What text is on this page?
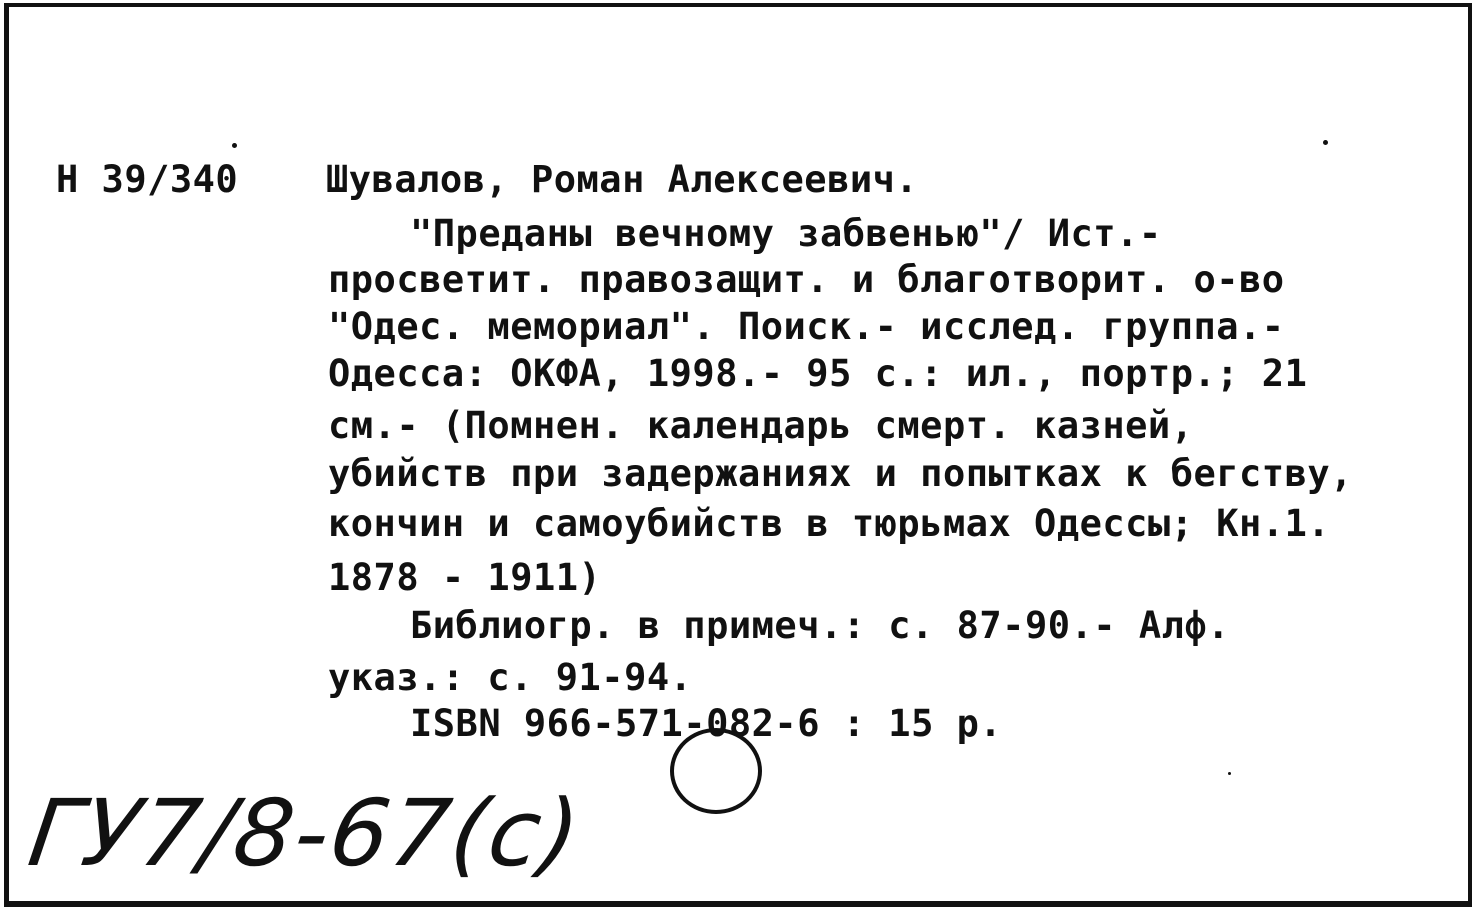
Н 39/340 Шувалов, Роман Алексеевич.
"Преданы вечному забвенью"/ Ист.-
просветит. правозащит. и благотворит. о-во
"Одес. мемориал". Поиск.- исслед. группа.-
Одесса: ОКФА, 1998.- 95 с.: ил., портр.; 21
см.- (Помнен. календарь смерт. казней,
убийств при задержаниях и попытках к бегству,
кончин и самоубийств в тюрьмах Одессы; Кн.1.
1878 - 1911)
Библиогр. в примеч.: с. 87-90.- Алф.
указ.: с. 91-94.
ISBN 966-571-082-6 : 15 р.
ГУ7/8-67(с)
